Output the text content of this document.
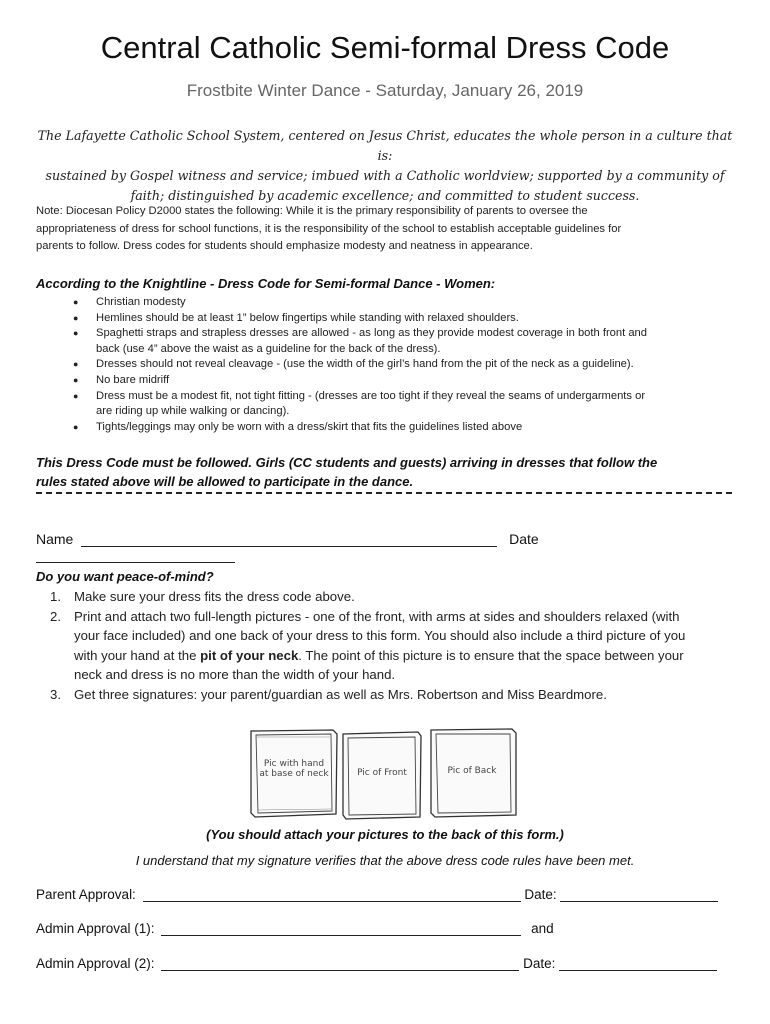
Central Catholic Semi-formal Dress Code
Frostbite Winter Dance - Saturday, January 26, 2019
The Lafayette Catholic School System, centered on Jesus Christ, educates the whole person in a culture that is:
sustained by Gospel witness and service; imbued with a Catholic worldview; supported by a community of
faith; distinguished by academic excellence; and committed to student success.
Note: Diocesan Policy D2000 states the following: While it is the primary responsibility of parents to oversee the
appropriateness of dress for school functions, it is the responsibility of the school to establish acceptable guidelines for
parents to follow. Dress codes for students should emphasize modesty and neatness in appearance.
According to the Knightline - Dress Code for Semi-formal Dance - Women:
● Christian modesty
● Hemlines should be at least 1” below fingertips while standing with relaxed shoulders.
● Spaghetti straps and strapless dresses are allowed - as long as they provide modest coverage in both front and
back (use 4” above the waist as a guideline for the back of the dress).
● Dresses should not reveal cleavage - (use the width of the girl’s hand from the pit of the neck as a guideline).
● No bare midriff
● Dress must be a modest fit, not tight fitting - (dresses are too tight if they reveal the seams of undergarments or
are riding up while walking or dancing).
● Tights/leggings may only be worn with a dress/skirt that fits the guidelines listed above
This Dress Code must be followed. Girls (CC students and guests) arriving in dresses that follow the
rules stated above will be allowed to participate in the dance.
Name	Date
Do you want peace-of-mind?
1. Make sure your dress fits the dress code above.
2. Print and attach two full-length pictures - one of the front, with arms at sides and shoulders relaxed (with
your face included) and one back of your dress to this form. You should also include a third picture of you
with your hand at the pit of your neck. The point of this picture is to ensure that the space between your
neck and dress is no more than the width of your hand.
3. Get three signatures: your parent/guardian as well as Mrs. Robertson and Miss Beardmore.
Pic with hand
at base of neck	Pic of Front	Pic of Back
(You should attach your pictures to the back of this form.)
I understand that my signature verifies that the above dress code rules have been met.
Parent Approval:	Date:
Admin Approval (1):	and
Admin Approval (2):	Date:
